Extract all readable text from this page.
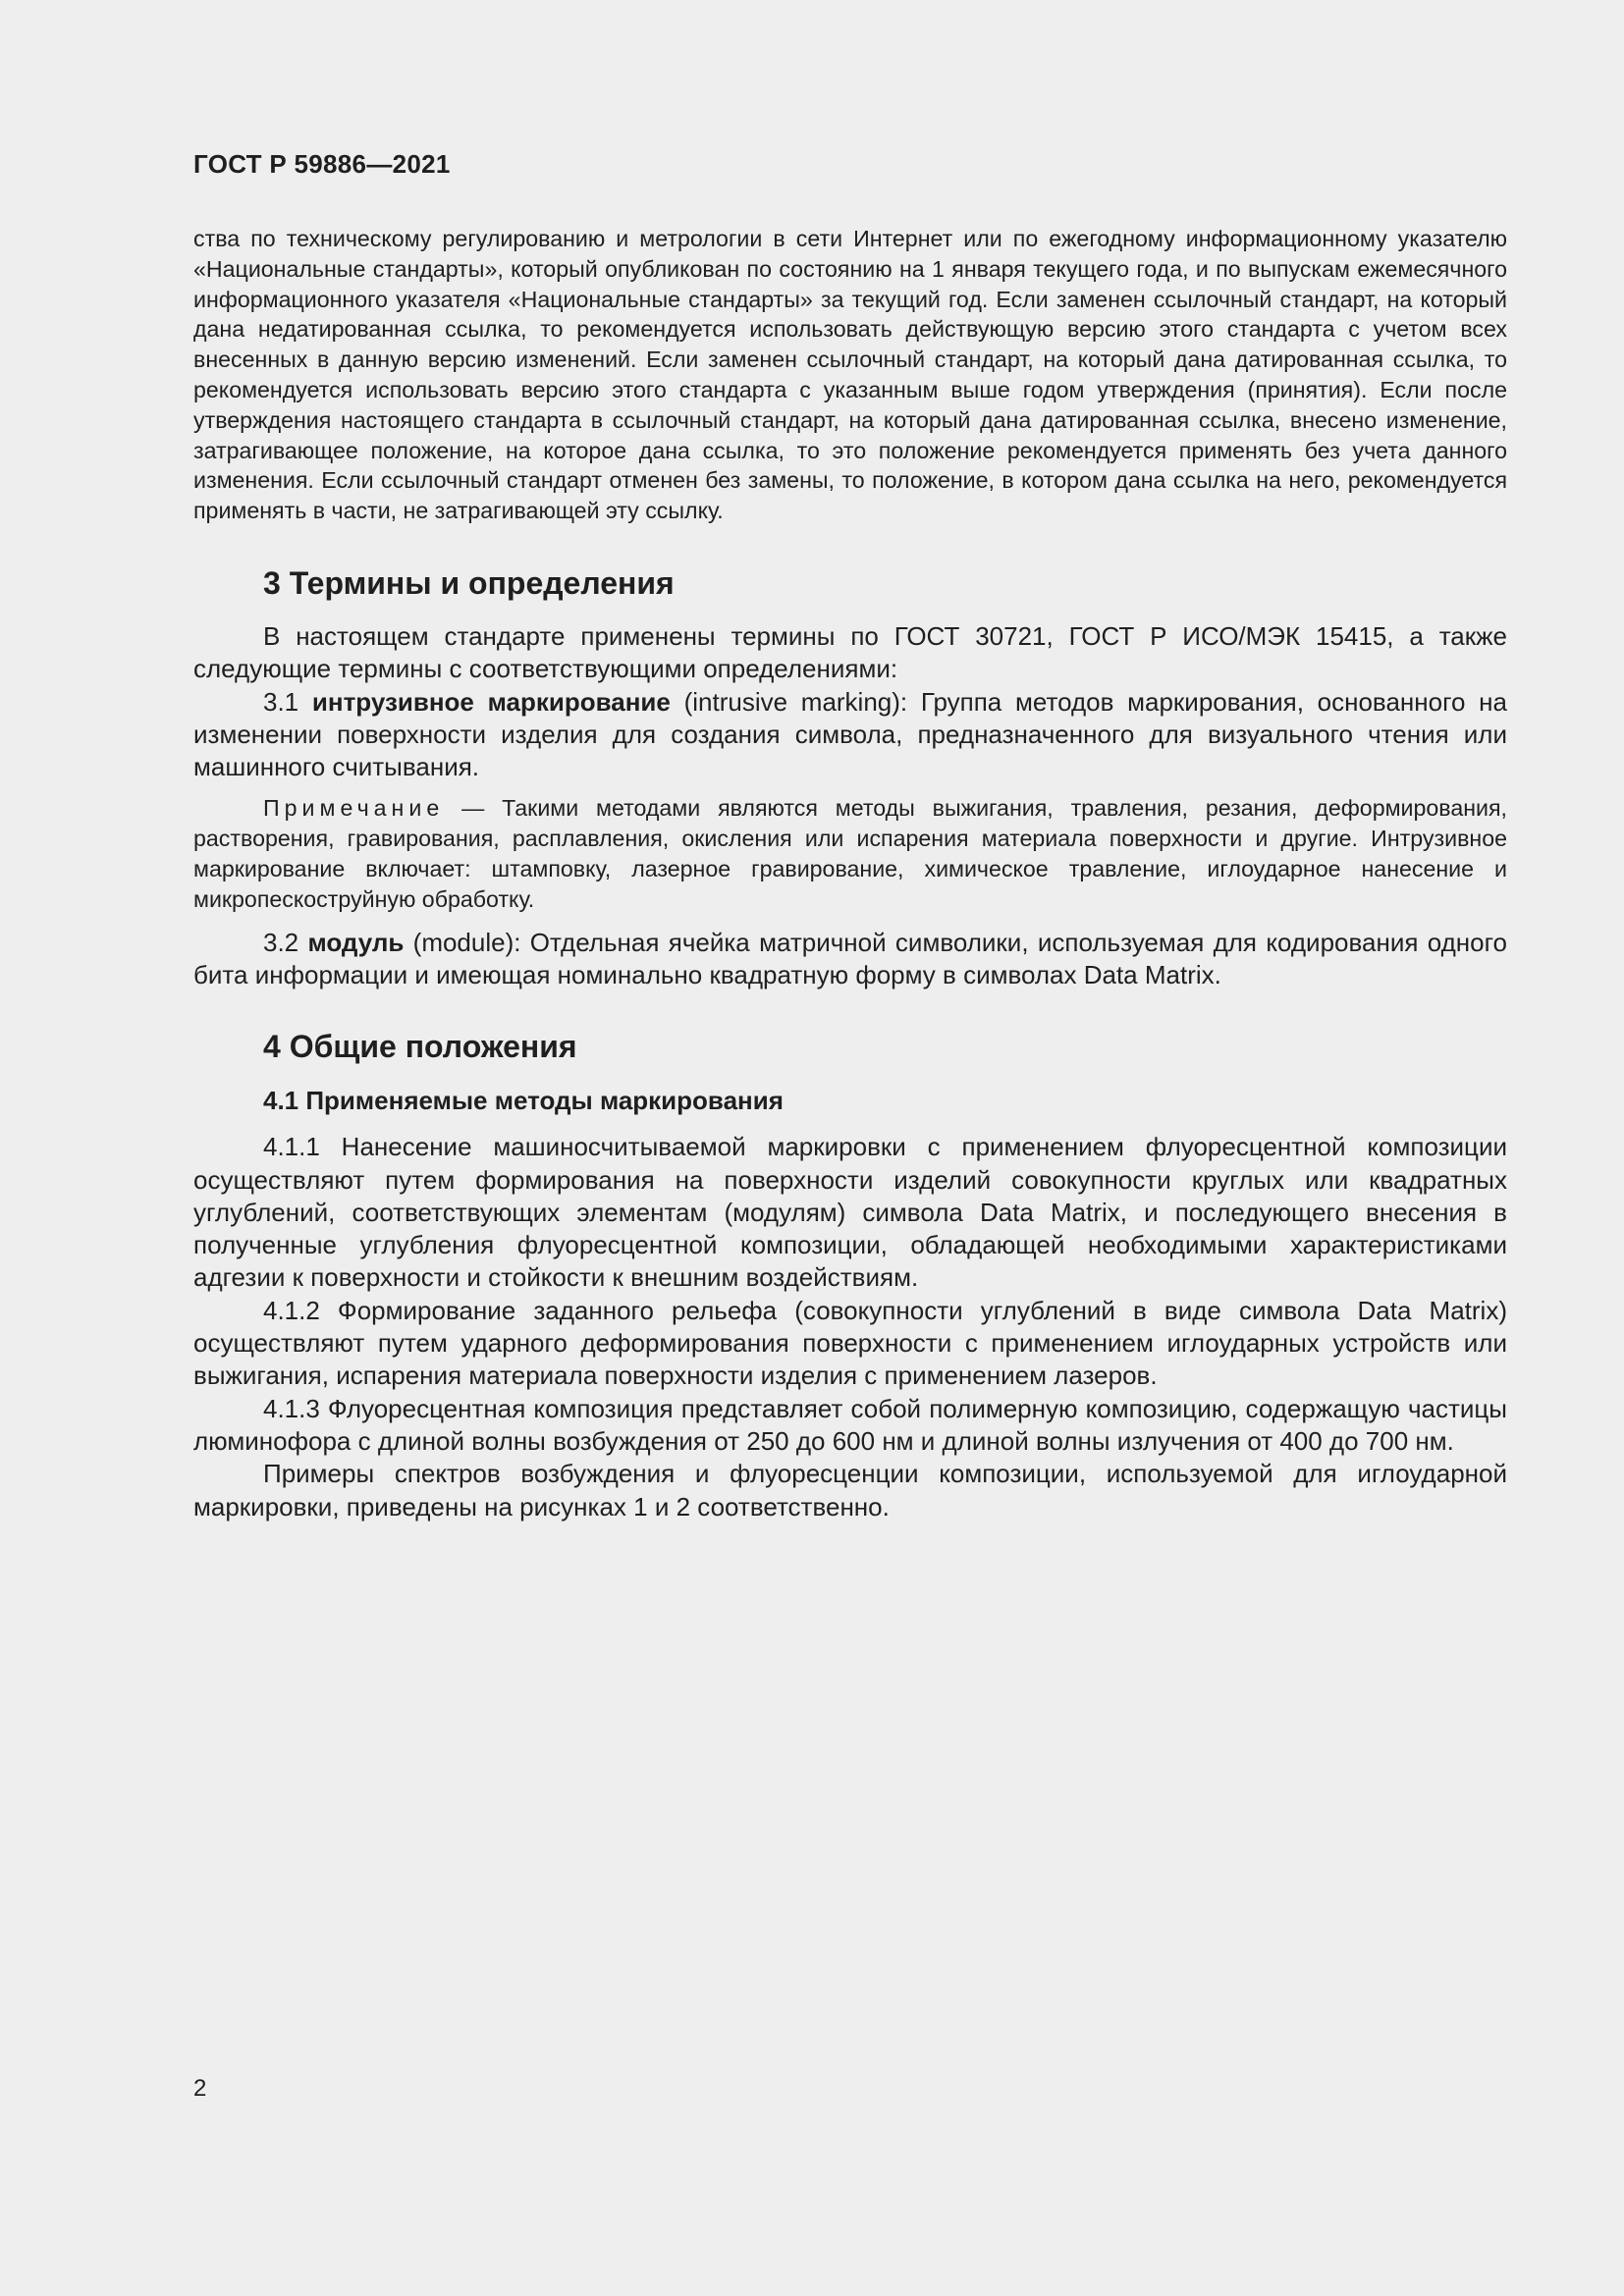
ГОСТ Р 59886—2021

ства по техническому регулированию и метрологии в сети Интернет или по ежегодному информационному указателю «Национальные стандарты», который опубликован по состоянию на 1 января текущего года, и по выпускам ежемесячного информационного указателя «Национальные стандарты» за текущий год. Если заменен ссылочный стандарт, на который дана недатированная ссылка, то рекомендуется использовать действующую версию этого стандарта с учетом всех внесенных в данную версию изменений. Если заменен ссылочный стандарт, на который дана датированная ссылка, то рекомендуется использовать версию этого стандарта с указанным выше годом утверждения (принятия). Если после утверждения настоящего стандарта в ссылочный стандарт, на который дана датированная ссылка, внесено изменение, затрагивающее положение, на которое дана ссылка, то это положение рекомендуется применять без учета данного изменения. Если ссылочный стандарт отменен без замены, то положение, в котором дана ссылка на него, рекомендуется применять в части, не затрагивающей эту ссылку.

3 Термины и определения

В настоящем стандарте применены термины по ГОСТ 30721, ГОСТ Р ИСО/МЭК 15415, а также следующие термины с соответствующими определениями:

3.1 интрузивное маркирование (intrusive marking): Группа методов маркирования, основанного на изменении поверхности изделия для создания символа, предназначенного для визуального чтения или машинного считывания.

Примечание — Такими методами являются методы выжигания, травления, резания, деформирования, растворения, гравирования, расплавления, окисления или испарения материала поверхности и другие. Интрузивное маркирование включает: штамповку, лазерное гравирование, химическое травление, иглоударное нанесение и микропескоструйную обработку.

3.2 модуль (module): Отдельная ячейка матричной символики, используемая для кодирования одного бита информации и имеющая номинально квадратную форму в символах Data Matrix.

4 Общие положения
4.1 Применяемые методы маркирования

4.1.1 Нанесение машиносчитываемой маркировки с применением флуоресцентной композиции осуществляют путем формирования на поверхности изделий совокупности круглых или квадратных углублений, соответствующих элементам (модулям) символа Data Matrix, и последующего внесения в полученные углубления флуоресцентной композиции, обладающей необходимыми характеристиками адгезии к поверхности и стойкости к внешним воздействиям.

4.1.2 Формирование заданного рельефа (совокупности углублений в виде символа Data Matrix) осуществляют путем ударного деформирования поверхности с применением иглоударных устройств или выжигания, испарения материала поверхности изделия с применением лазеров.

4.1.3 Флуоресцентная композиция представляет собой полимерную композицию, содержащую частицы люминофора с длиной волны возбуждения от 250 до 600 нм и длиной волны излучения от 400 до 700 нм.

Примеры спектров возбуждения и флуоресценции композиции, используемой для иглоударной маркировки, приведены на рисунках 1 и 2 соответственно.

2
